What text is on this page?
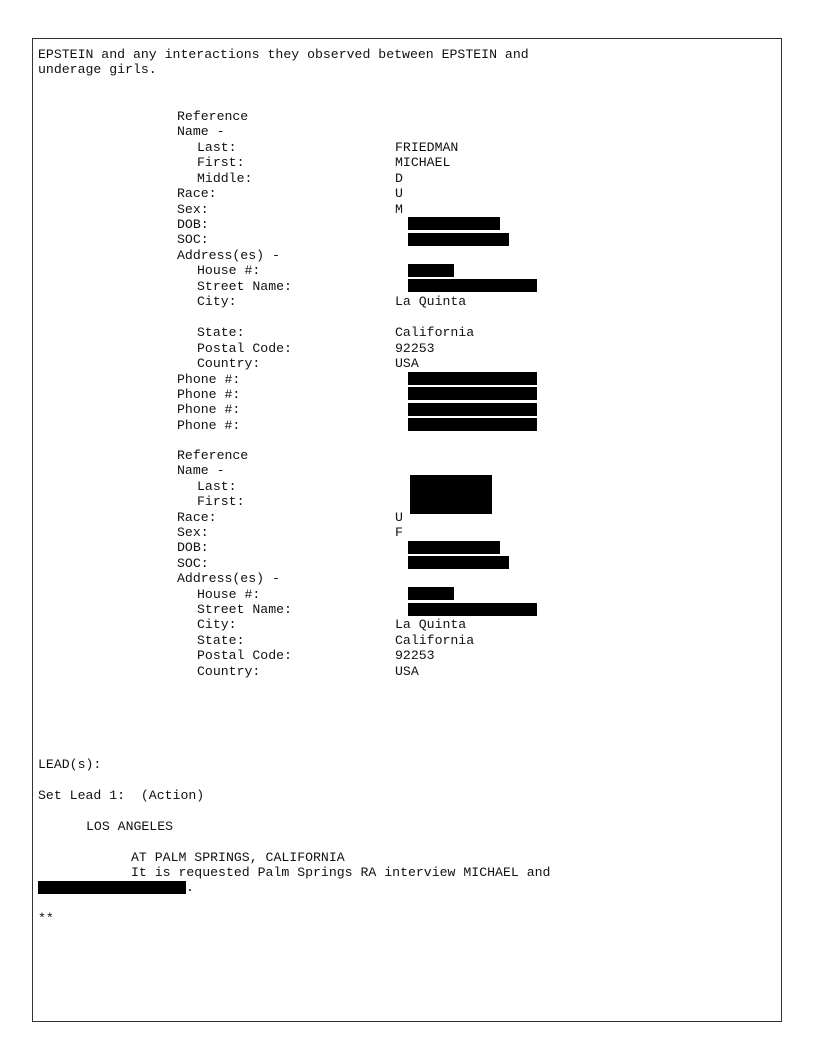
EPSTEIN and any interactions they observed between EPSTEIN and
underage girls.
Reference
Name -
Last:
First:
Middle:
Race:
Sex:
DOB:
SOC:
Address(es) -
House #:
Street Name:
City:
State:
Postal Code:
Country:
Phone #:
Phone #:
Phone #:
Phone #:
FRIEDMAN
MICHAEL
D
U
M
La Quinta
California
92253
USA
Reference
Name -
Last:
First:
Race:
Sex:
DOB:
SOC:
Address(es) -
House #:
Street Name:
City:
State:
Postal Code:
Country:
U
F
La Quinta
California
92253
USA
LEAD(s):
Set Lead 1:  (Action)
LOS ANGELES
AT PALM SPRINGS, CALIFORNIA
It is requested Palm Springs RA interview MICHAEL and
.
**
